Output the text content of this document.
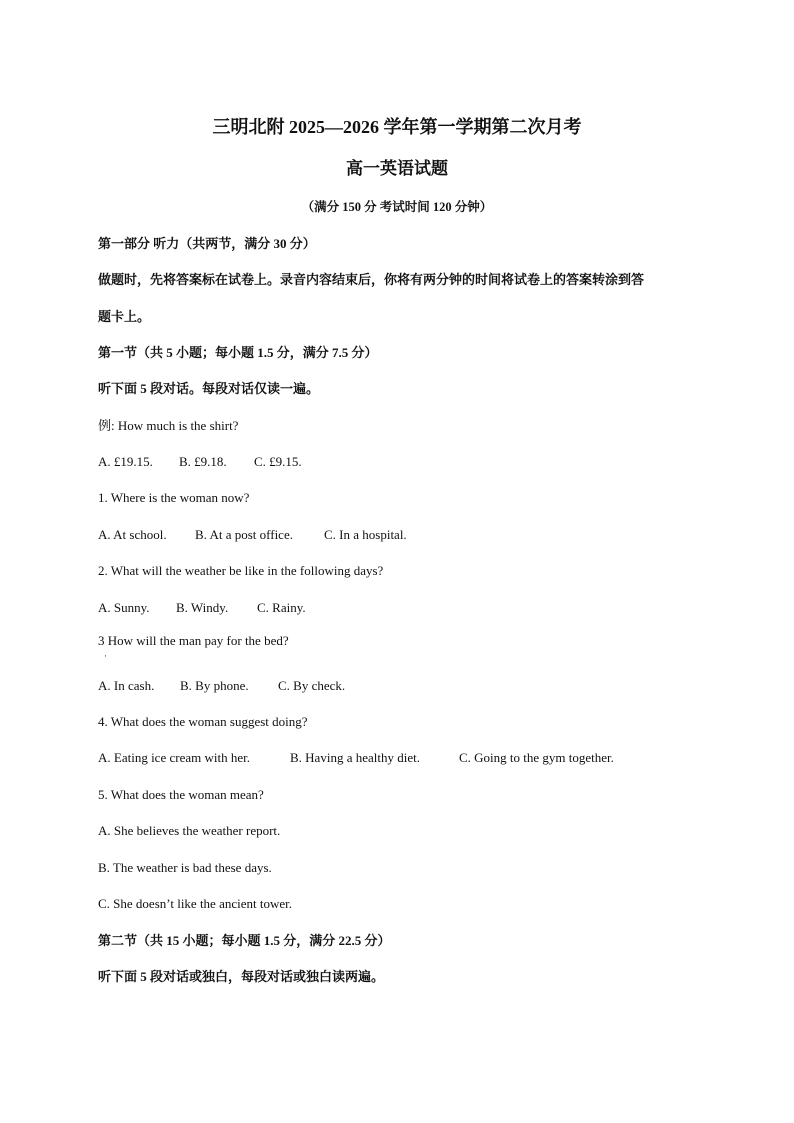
三明北附 2025—2026 学年第一学期第二次月考
高一英语试题
（满分 150 分 考试时间 120 分钟）
第一部分 听力（共两节，满分 30 分）
做题时，先将答案标在试卷上。录音内容结束后，你将有两分钟的时间将试卷上的答案转涂到答
题卡上。
第一节（共 5 小题；每小题 1.5 分，满分 7.5 分）
听下面 5 段对话。每段对话仅读一遍。
例: How much is the shirt?
A. £19.15. B. £9.18. C. £9.15.
1. Where is the woman now?
A. At school. B. At a post office. C. In a hospital.
2. What will the weather be like in the following days?
A. Sunny. B. Windy. C. Rainy.
3 How will the man pay for the bed?
·
A. In cash. B. By phone. C. By check.
4. What does the woman suggest doing?
A. Eating ice cream with her.	B. Having a healthy diet.	C. Going to the gym together.
5. What does the woman mean?
A. She believes the weather report.
B. The weather is bad these days.
C. She doesn’t like the ancient tower.
第二节（共 15 小题；每小题 1.5 分，满分 22.5 分）
听下面 5 段对话或独白，每段对话或独白读两遍。
